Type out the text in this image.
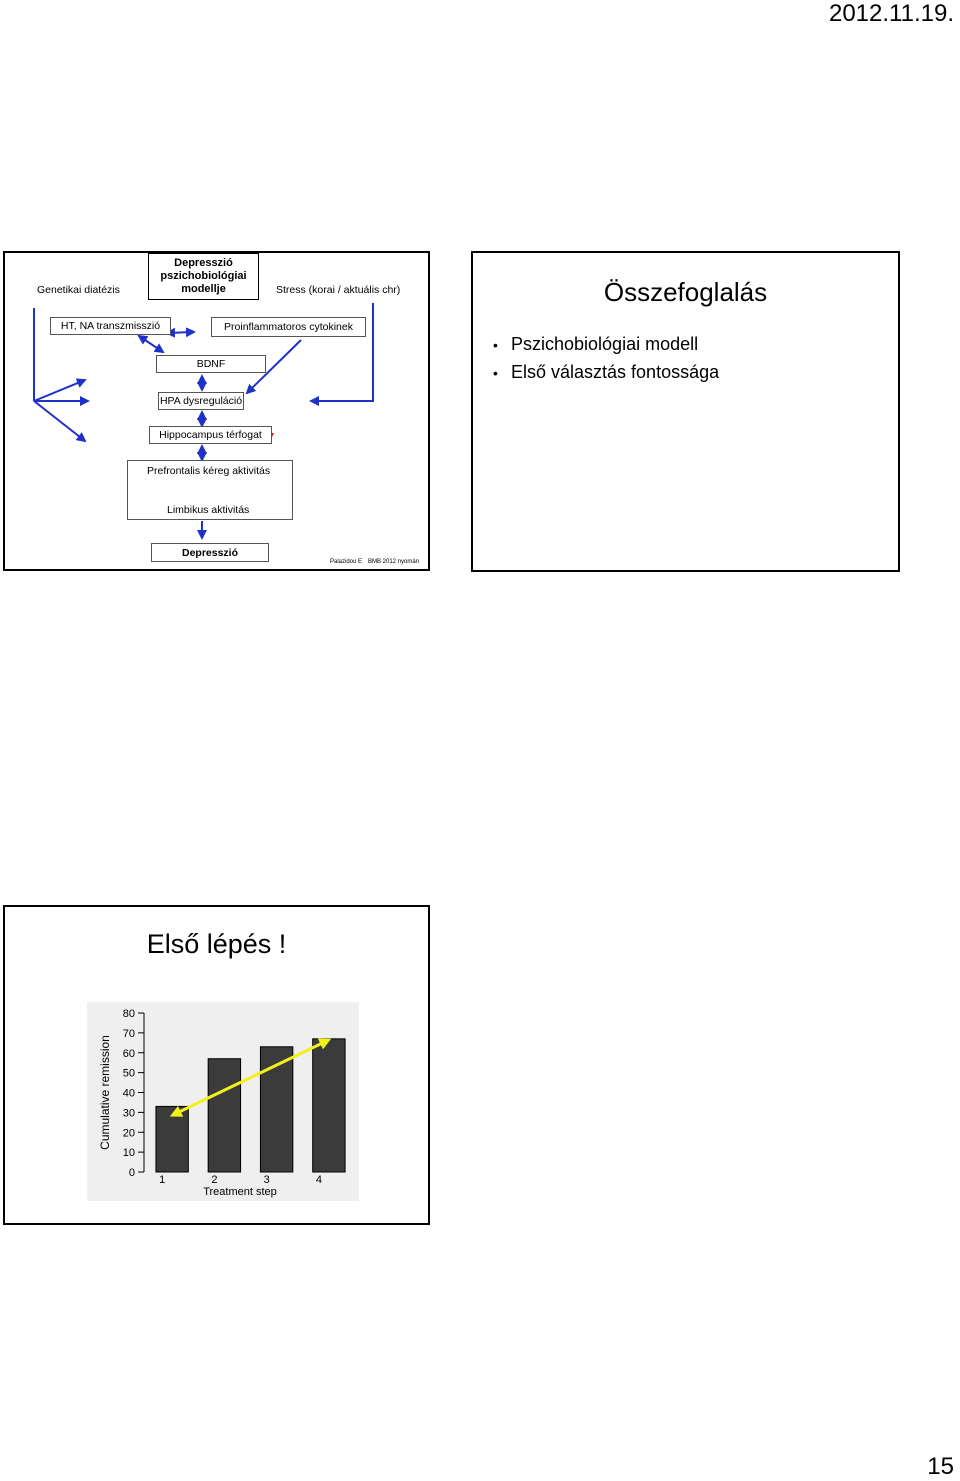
2012.11.19.
15
Genetikai diatézis
Depresszió
pszichobiológiai
modellje	Stress (korai / aktuális chr)
HT, NA transzmisszió	Proinflammatoros cytokinek
BDNF
HPA dysreguláció
Hippocampus térfogat
Prefrontalis kéreg aktivitás
Limbikus aktivitás
Depresszió
Palazidou E BMB 2012 nyomán
Összefoglalás
• Pszichobiológiai modell
• Első választás fontossága
Első lépés !
0
10
20
30
40
50
60
70
80
Cumulative remission
1	2	3	4
Treatment step
